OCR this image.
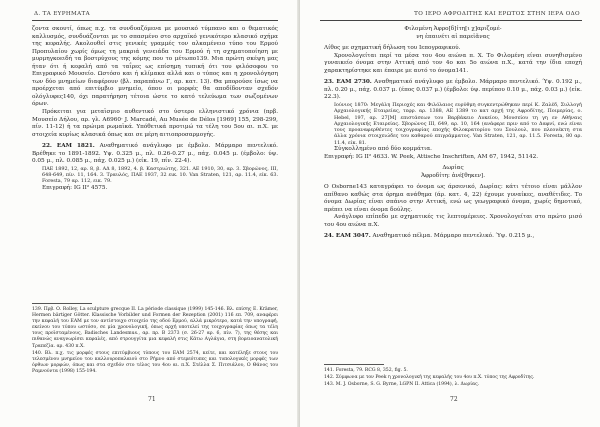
Δ. ΤΑ ΕΥΡΗΜΑΤΑ

ζοντα σκουτί, όπως π.χ. τα συνδυαζόμενα με μουσικό τύμπανο και ο θεματικός καλλυσμός, συνδυάζονται με το σπασμένο στο αρχαϊκό γενικότερο κλασικό σχήμα της κεφαλής. Ακολουθεί στις γενικές γραμμές τον αλκαμένειο τύπο του Ερμού Προπυλαίου χωρίς όμως τη μακριά γενειάδα του Ερμού ή τη σχηματοποίηση με μυρμηγκοειδή τα βοστρύχους της κόμης που το μέτωπο139. Μια πρώτη σκέψη μας ήταν ότι ή κεφαλή από τα ταΐρες ως επίσημη τυπική ότι του φιλόσοφου το Επιγραφικό Μουσείο. Ωστόσο και ή κλίμακα αλλά και ο τύπος και η χρονολόγηση των δύο μνημείων διαφέρουν (βλ. παραπάνω Γ, αρ. κατ. 13). Θα μπορούσε ίσως να προέρχεται από επιτύμβιο μνημείο, όπου οι μορφές θα αποδίδονταν σχεδόν ολόγλυφες140, όχι παρατήρηση τέτοια ώστε το κατό τελεύωμα των σωζομένων όρων.

Πρόκειται για μεταϊσμιο αυθεντικό στο ύστερο ελληνιστικό χρόνια (πρβ. Μουσείο Δήλου, αρ. γλ. Α6960· J. Marcadé, Au Musée de Délos [1969] 155, 298-299, πίν. 11-12) ή τα πρώιμα ρωμαϊκά. Υπόθετικά προτιμώ τα τέλη του 5ου αι. π.Χ. με στοιχεία κυρίως κλασικά όπως και σε μέρη αιτιοπροσαρμογής.

22. ΕΑΜ 1821. Αναθηματικό ανάγλυφο με έμβολο. Μάρμαρο πεντελικό. Βρέθηκε το 1891-1892. Υψ. 0.325 μ., πλ. 0.26-0.27 μ., πάχ. 0.045 μ. (έμβολο: ύψ. 0.05 μ., πλ. 0.085 μ., πάχ. 0.025 μ.) (είκ. 19, πίν. 22-4).

ΠΑΕ 1892, 12, αρ. 8, β. ΑΔ 8, 1892, 4. β. Καστριώτης, 321. ΑΕ 1910, 30, αρ. 3. Σβορώνος, ΙΙΙ, 648-649, πίν. 11, 164. 3. Τραυλός, ΠΑΕ 1937, 32 εικ. 10. Van Straten, 121, αρ. 11.4, είκ. 63. Foresta, 79 αρ. 112, εικ. 79.

Επιγραφή: IG II² 4575.

139. Πρβ. Ο. Rolley, La sculpture grecque II. La période classique (1999) 145-146. Βλ. επίσης E. Krämer, Hermen bärtiger Götter. Klassische Vorbilder und Formen der Rezeption (2001) 116 επ. 709, αναφέρει την κεφαλή του ΕΑΜ με τον αντίστοιχο στοιχείο της οδού Ερμού, αλλά μικρότερο, κατά την υπογραφή, εκείνου του τύπου ωστόσο, σε μία χρονολογική, όπως αρχή υποτελεί της τοιχογραφίας όπως τα τέλη τους προϊσταμένους, Badisches Landesmus., αρ. πρ. Β 2373 (σ. 26-27 αρ. 6, πίν. 7), της θέσης και πιθανώς αναγνωρίσει κεφαλές, από στρουγγίτα μια κεφαλή στις Κάτω Αγλάγια, στη βορειοανατολική Τραπεζία. αρ. 430 π.Χ.

140. Βλ. π.χ. τις μορφές στους επιτύμβιους τύπους του ΕΑΜ 2574, κείτε, και κατέληξε στους του τελεσμένου μνημείου του καλλουροπαλαιού στο Ρήμνο από στερεότυπες και τυπολογικές μορφές των όρθιων μορφών, όπως και στα σχεδόν στο τέλος του 4ου αι. π.Χ. Στέλλα Σ. Πιτσιάλου, Ο Θάνος του Ραμνούντα (1998) 155-194.

71
ΤΟ ΙΕΡΟ ΑΦΡΟΔΙΤΗΣ ΚΑΙ ΕΡΩΤΟΣ ΣΤΗΝ ΙΕΡΑ ΟΔΟ

Φιλομένη Ἀφρο[δ]ίτη[ι χ]αριζομέ-

νη ἐπαινέτι αἰ παρεἰᾶνας

Λίθος με σχηματική δήλωση του Ιεπογραφικού.

Χρονολογείται περί τα μέσα του 4ου αιώνα π. Χ. Το Φιλομένη είναι συνηθισμένο γυναικείο όνομα στην Αττική από τον 4ο και 5ο αιώνα π.Χ., κατά την ίδια εποχή χαρακτηρίστηκε και έπαιρε με αυτό το όνομα141.

23. ΕΑΜ 2730. Αναθηματικό ανάγλυφο με έμβολο. Μάρμαρο πεντελικό. Ύψ. 0.192 μ., πλ. 0.20 μ., πάχ. 0.037 μ. (έπος 0.037 μ.) (έμβολο: ύψ. περίπου 0.10 μ., πάχ. 0.03 μ.) (είκ. 22.3).

Ιούνιος 1870: Μεγάλη Περιοχές και Φιλόλαιος ευρύθμη συγκεντρώθηκαν περί Κ. Ζαλέδ, Συλλογή Αρχαιολογικής Εταιρείας, τεφρ. αρ. 1388, ΑΕ 1389 το κατ αρχή της Αφροδίτης, Ποιμερίας, ο. Ηebel, 197, αρ. 27[Μ] επιστάσεων του Βαρβάκειο Λυκείου, Μουσείου τη γη εν Αθήναις Αρχαιολογικής Εταιρείας. Σβορώνος ΙΙΙ, 649, αρ. 10, 164 (ανάφερε πριν από το Δαφνί, ενώ είναι τους προαναφερθέντες τοιχογραφίας εποχής Φιλοκρατορίου του Σουλουλ, που πλεονέκτη στα άλλα χρόνια στοιχειώδες του καθαρού επιγράμματος. Van Straten, 121, αρ. 11.5. Foresta, 80 αρ. 11.4, είκ. 81.

Σύγκολλημένο από δύο κομμάτια.

Επιγραφή: IG II² 4633. W. Peek, Attische Inschriften, AM 67, 1942, 51142.

Δωρίας

Ἀφροδίτη: ἀνέ[θηκεν].

Ο Osborne143 καταγράφει το όνομα ως άρσενικό, Δωρίας: κάτι τέτοιο είναι μάλλον απίθανο καθώς στα όρημα ανάθημα (άρ. κατ. 4, 22) έχουμε γυναίκες, αναθέτιδες. Το όνομα Δωρίας είναι σπάνιο στην Αττική, ενώ ως γεωγραφικό όνομα, χωρίς δημοτικό, πρέπει να είναι όνομα δούλης.

Ανάγλυφο επίπεδο με σχηματικές τις λεπτομέρειες. Χρονολογείται στο πρώτο μισό του 4ου αιώνα π.Χ.

24. ΕΑΜ 3047. Αναθηματικό πέλμα. Μάρμαρο πεντελικό. Ύψ. 0.215 μ.,

141. Foresta, 79. RCG 8, 352, fig. 5.

142. Σύμφωνα με τον Peek η χρονολογική της κεφαλής του 4ου π.Χ. τύπος της Αφροδίτης.

143. M. J. Osborne, S. G. Byrne, LGPN II. Attica (1994), λ. Δωρίας.

72
